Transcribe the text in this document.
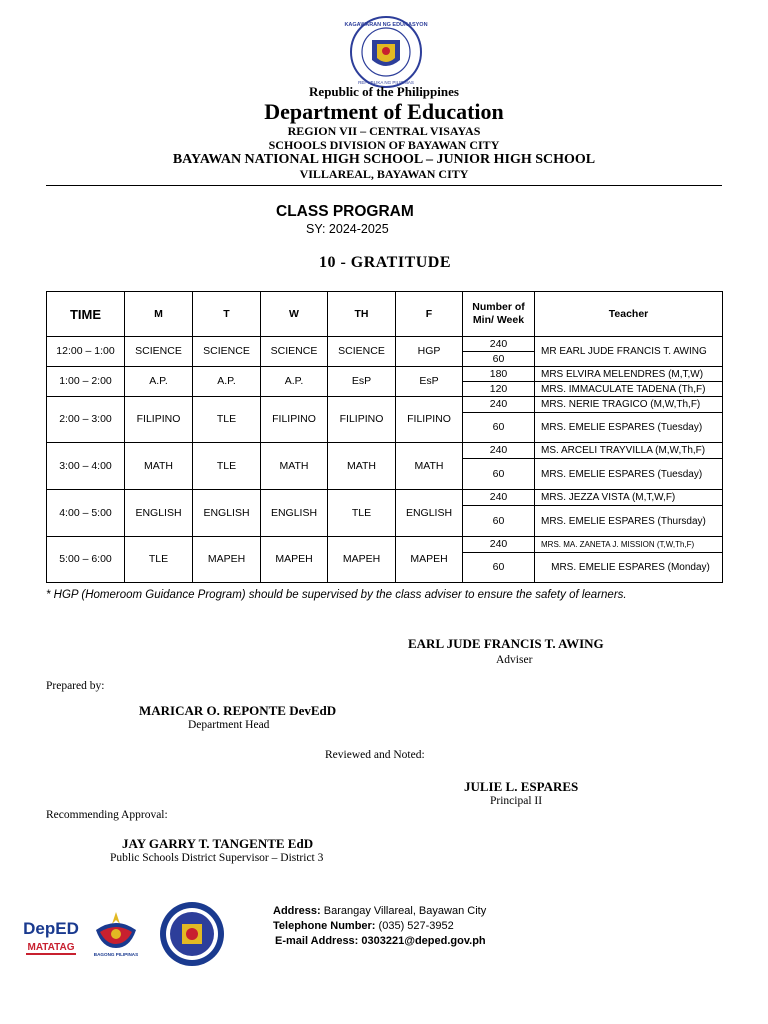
KAGAWARAN NG EDUKASYON
REPUBLIKA NG PILIPINAS
Republic of the Philippines
Department of Education
REGION VII – CENTRAL VISAYAS
SCHOOLS DIVISION OF BAYAWAN CITY
BAYAWAN NATIONAL HIGH SCHOOL – JUNIOR HIGH SCHOOL
VILLAREAL, BAYAWAN CITY
CLASS PROGRAM
SY: 2024-2025
10 - GRATITUDE
TIME	M	T	W	TH	F	Number of Min/ Week	Teacher
12:00 – 1:00	SCIENCE	SCIENCE	SCIENCE	SCIENCE	HGP	240	MR EARL JUDE FRANCIS T. AWING
						60	
1:00 – 2:00	A.P.	A.P.	A.P.	EsP	EsP	180	MRS ELVIRA MELENDRES (M,T,W)
						120	MRS. IMMACULATE TADENA (Th,F)
2:00 – 3:00	FILIPINO	TLE	FILIPINO	FILIPINO	FILIPINO	240	MRS. NERIE TRAGICO (M,W,Th,F)
						60	MRS. EMELIE ESPARES (Tuesday)
3:00 – 4:00	MATH	TLE	MATH	MATH	MATH	240	MS. ARCELI TRAYVILLA (M,W,Th,F)
						60	MRS. EMELIE ESPARES (Tuesday)
4:00 – 5:00	ENGLISH	ENGLISH	ENGLISH	TLE	ENGLISH	240	MRS. JEZZA VISTA (M,T,W,F)
						60	MRS. EMELIE ESPARES (Thursday)
5:00 – 6:00	TLE	MAPEH	MAPEH	MAPEH	MAPEH	240	MRS. MA. ZANETA J. MISSION (T,W,Th,F)
						60	MRS. EMELIE ESPARES (Monday)
* HGP (Homeroom Guidance Program) should be supervised by the class adviser to ensure the safety of learners.
EARL JUDE FRANCIS T. AWING
Adviser
Prepared by:
MARICAR O. REPONTE DevEdD
Department Head
Reviewed and Noted:
JULIE L. ESPARES
Principal II
Recommending Approval:
JAY GARRY T. TANGENTE EdD
Public Schools District Supervisor – District 3
DepED
MATATAG
BAGONG PILIPINAS
Address: Barangay Villareal, Bayawan City
Telephone Number: (035) 527-3952
E-mail Address: 0303221@deped.gov.ph
